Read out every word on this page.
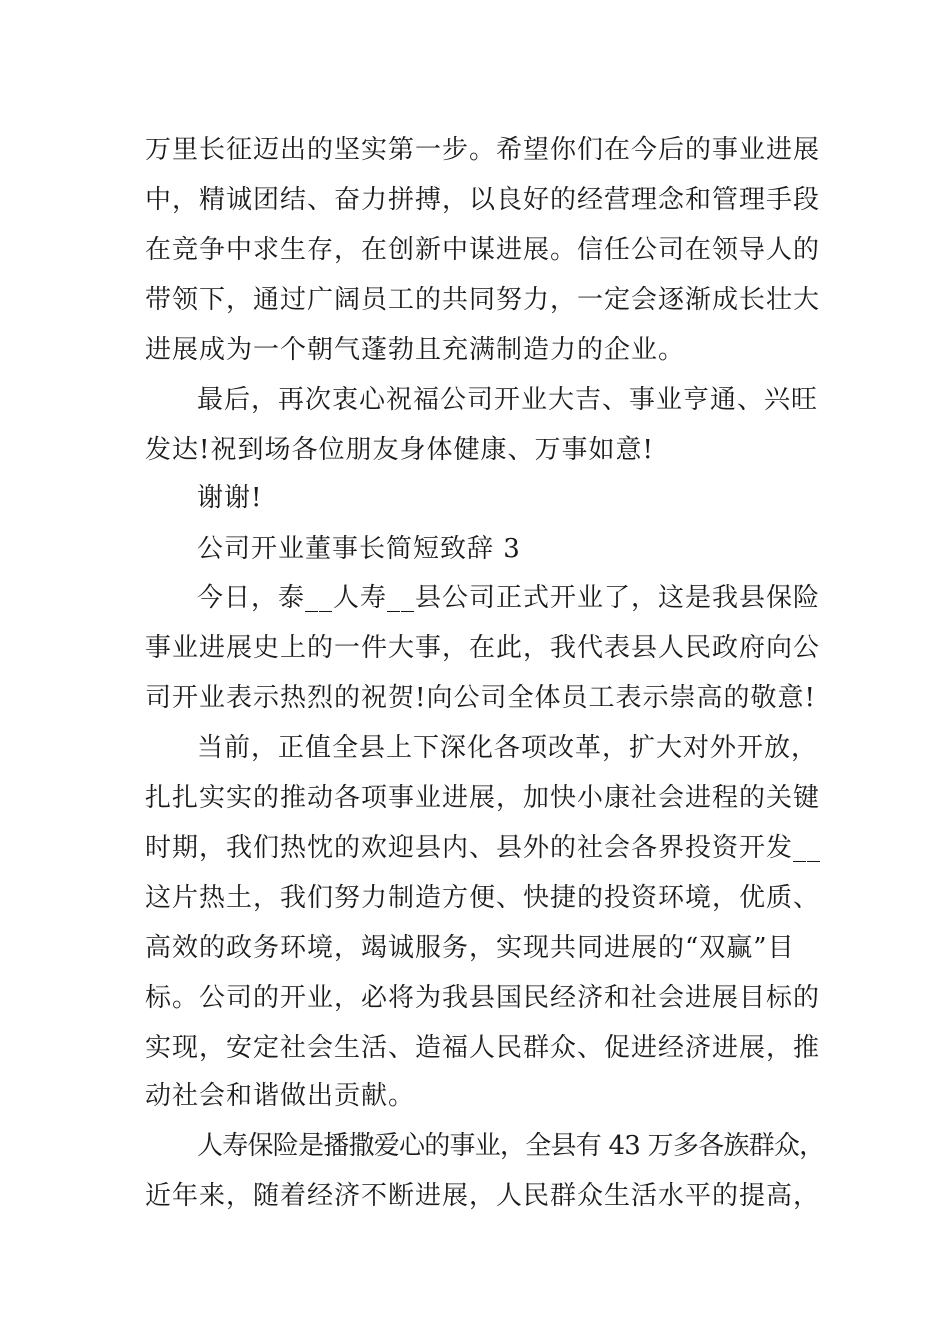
万里长征迈出的坚实第一步。希望你们在今后的事业进展
中，精诚团结、奋力拼搏，以良好的经营理念和管理手段
在竞争中求生存，在创新中谋进展。信任公司在领导人的
带领下，通过广阔员工的共同努力，一定会逐渐成长壮大
进展成为一个朝气蓬勃且充满制造力的企业。
最后，再次衷心祝福公司开业大吉、事业亨通、兴旺
发达!祝到场各位朋友身体健康、万事如意!
谢谢!
公司开业董事长简短致辞 3
今日，泰__人寿__县公司正式开业了，这是我县保险
事业进展史上的一件大事，在此，我代表县人民政府向公
司开业表示热烈的祝贺!向公司全体员工表示崇高的敬意!
当前，正值全县上下深化各项改革，扩大对外开放，
扎扎实实的推动各项事业进展，加快小康社会进程的关键
时期，我们热忱的欢迎县内、县外的社会各界投资开发__
这片热土，我们努力制造方便、快捷的投资环境，优质、
高效的政务环境，竭诚服务，实现共同进展的“双赢”目
标。公司的开业，必将为我县国民经济和社会进展目标的
实现，安定社会生活、造福人民群众、促进经济进展，推
动社会和谐做出贡献。
人寿保险是播撒爱心的事业，全县有 43 万多各族群众，
近年来，随着经济不断进展，人民群众生活水平的提高，
